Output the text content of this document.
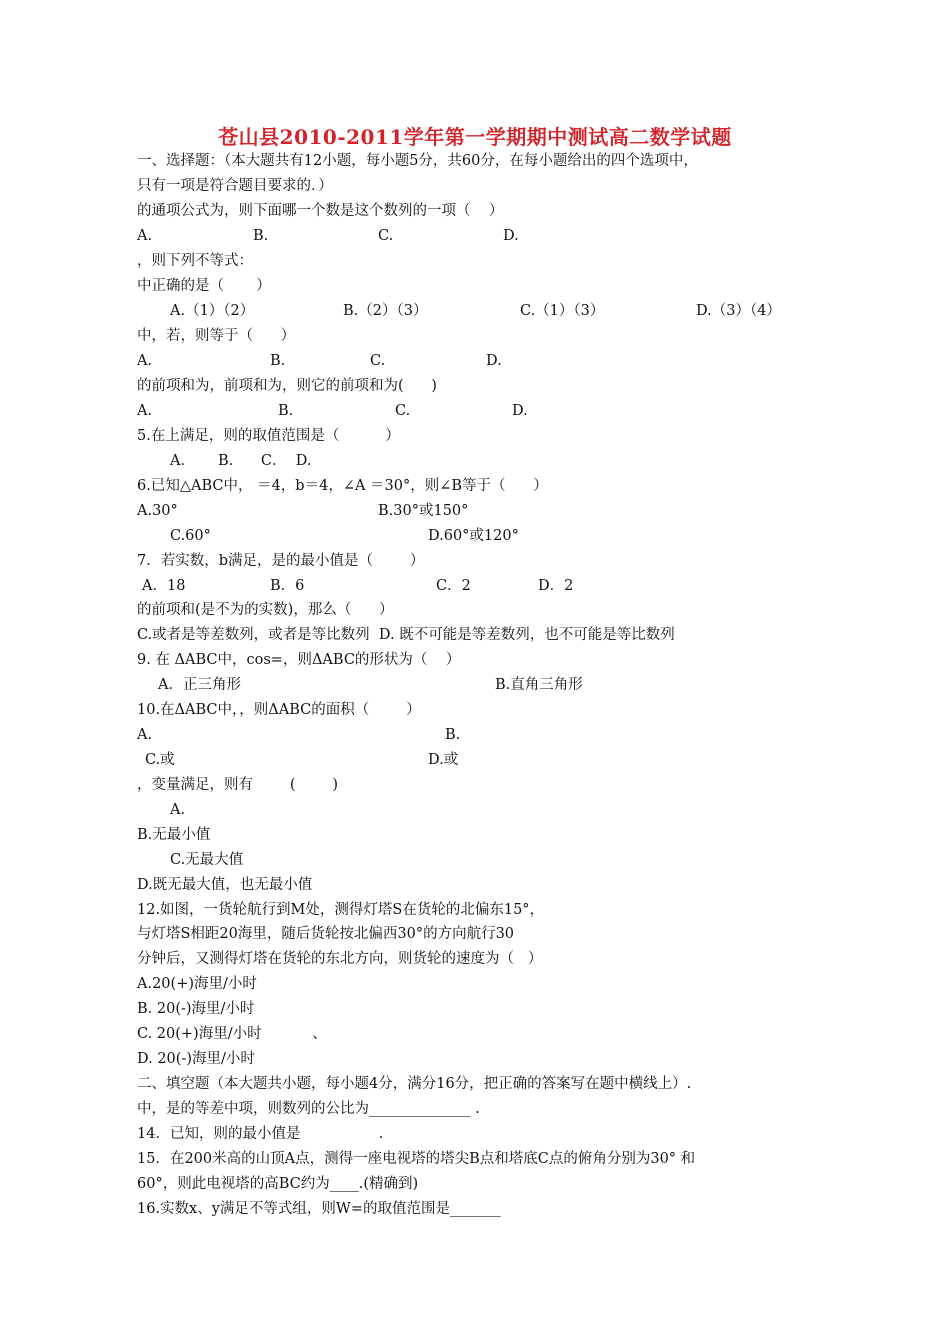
苍山县2010-2011学年第一学期期中测试高二数学试题
一、选择题：（本大题共有12小题，每小题5分，共60分，在每小题给出的四个选项中，
只有一项是符合题目要求的．）
的通项公式为，则下面哪一个数是这个数列的一项（    ）
A.	B.	C.	D.
，则下列不等式：
中正确的是（       ）
A.（1）（2）	B.（2）（3）	C.（1）（3）	D.（3）（4）
中，若，则等于（      ）
A.	B.	C.	D.
的前项和为，前项和为，则它的前项和为(      )
A.	B.	C.	D.
5.在上满足，则的取值范围是（          ）
A．     B.      C．  D.
6.已知△ABC中， ＝4，b＝4，∠A ＝30°，则∠B等于（      ）
A.30°	B.30°或150°
C.60°	D.60°或120°
7．若实数，b满足，是的最小值是（        ）
A．18	B．6	C．2	D．2
的前项和(是不为的实数)，那么（      ）
C.或者是等差数列，或者是等比数列  D. 既不可能是等差数列，也不可能是等比数列
9. 在 ΔABC中，cos=，则ΔABC的形状为（    ）
A．正三角形	B.直角三角形
10.在ΔABC中，，则ΔABC的面积（        ）
A.	B.
C.或	D.或
，变量满足，则有        (        )
A.
B.无最小值
C.无最大值
D.既无最大值，也无最小值
12.如图，一货轮航行到M处，测得灯塔S在货轮的北偏东15°，
与灯塔S相距20海里，随后货轮按北偏西30°的方向航行30
分钟后，又测得灯塔在货轮的东北方向，则货轮的速度为（   ）
A.20(+)海里/小时
B. 20(-)海里/小时
C. 20(+)海里/小时           、
D. 20(-)海里/小时
二、填空题（本大题共小题，每小题4分，满分16分，把正确的答案写在题中横线上）.
中，是的等差中项，则数列的公比为______________ .
14．已知，则的最小值是                 .
15．在200米高的山顶A点，测得一座电视塔的塔尖B点和塔底C点的俯角分别为30° 和
60°，则此电视塔的高BC约为____.(精确到)
16.实数x、y满足不等式组，则W=的取值范围是_______
